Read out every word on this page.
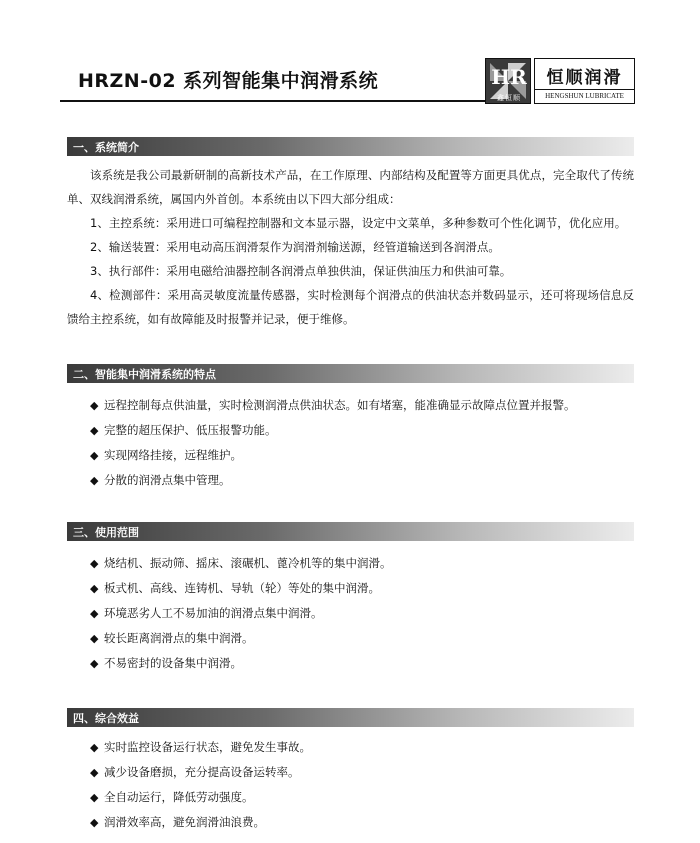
HRZN-02 系列智能集中润滑系统	HR
鑫恒顺
恒顺润滑
HENGSHUN LUBRICATE
一、系统简介

该系统是我公司最新研制的高新技术产品，在工作原理、内部结构及配置等方面更具优点，完全取代了传统单、双线润滑系统，属国内外首创。本系统由以下四大部分组成：

1、主控系统：采用进口可编程控制器和文本显示器，设定中文菜单，多种参数可个性化调节，优化应用。

2、输送装置：采用电动高压润滑泵作为润滑剂输送源，经管道输送到各润滑点。

3、执行部件：采用电磁给油器控制各润滑点单独供油，保证供油压力和供油可靠。

4、检测部件：采用高灵敏度流量传感器，实时检测每个润滑点的供油状态并数码显示，还可将现场信息反馈给主控系统，如有故障能及时报警并记录，便于维修。

二、智能集中润滑系统的特点
◆ 远程控制每点供油量，实时检测润滑点供油状态。如有堵塞，能准确显示故障点位置并报警。
◆ 完整的超压保护、低压报警功能。
◆ 实现网络挂接，远程维护。
◆ 分散的润滑点集中管理。
三、使用范围
◆ 烧结机、振动筛、摇床、滚碾机、蓖冷机等的集中润滑。
◆ 板式机、高线、连铸机、导轨（轮）等处的集中润滑。
◆ 环境恶劣人工不易加油的润滑点集中润滑。
◆ 较长距离润滑点的集中润滑。
◆ 不易密封的设备集中润滑。
四、综合效益
◆ 实时监控设备运行状态，避免发生事故。
◆ 减少设备磨损，充分提高设备运转率。
◆ 全自动运行，降低劳动强度。
◆ 润滑效率高，避免润滑油浪费。
